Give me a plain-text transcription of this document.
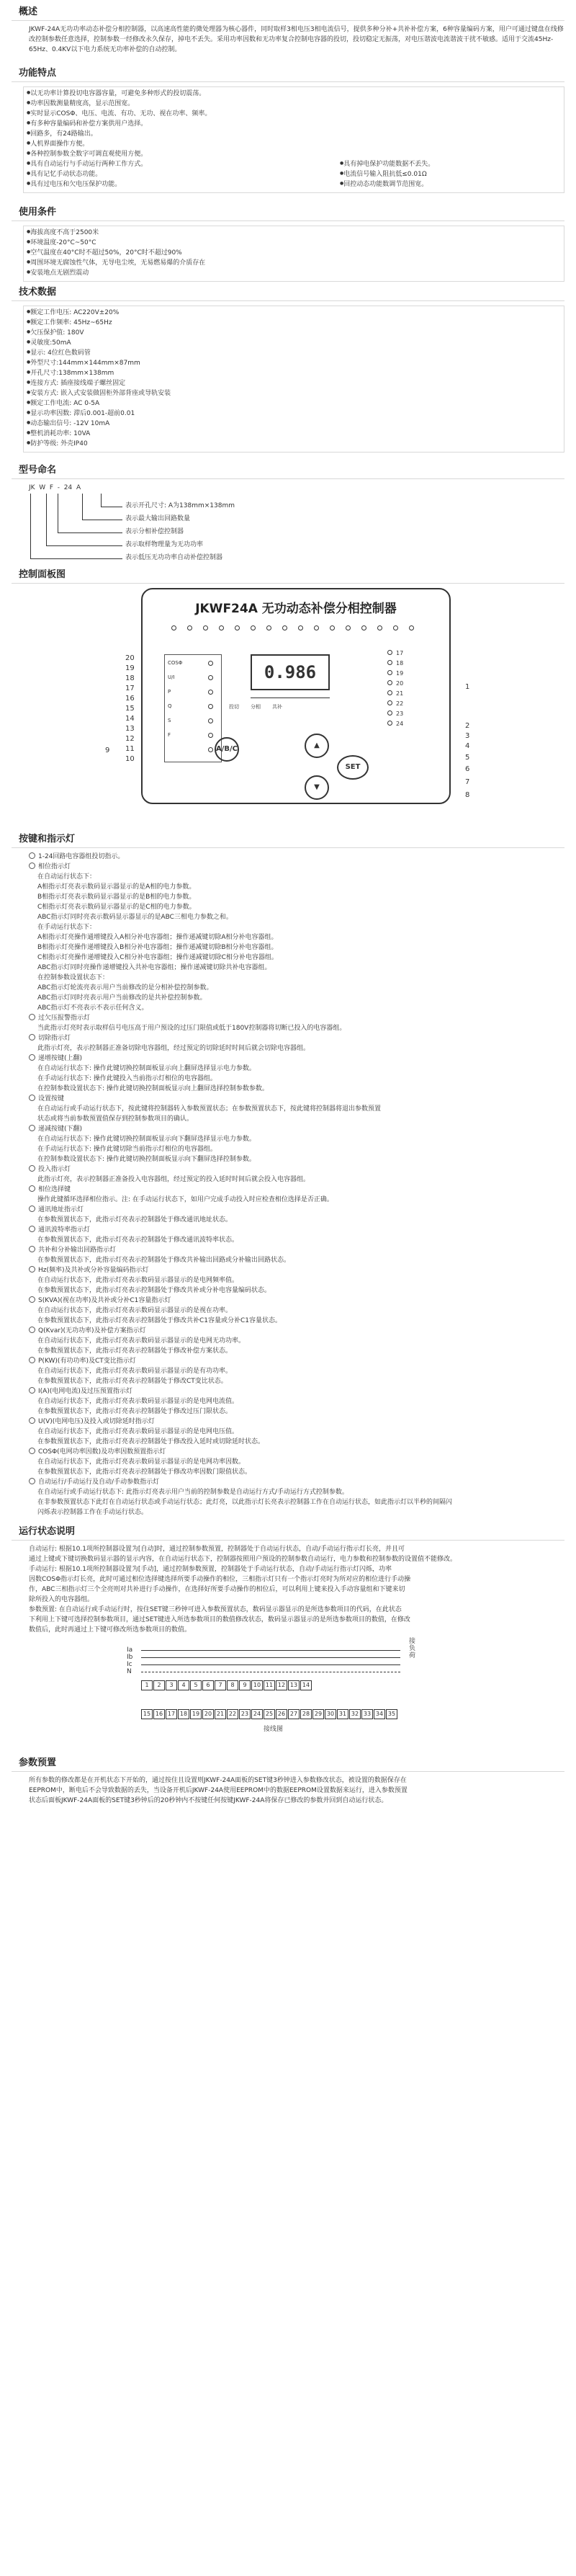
概述
JKWF-24A无功功率动态补偿分相控制器，以高速高性能的微处理器为核心器件，同时取样3相电压3相电流信号，提供多种分补+共补补偿方案，6种容量编码方案，用户可通过键盘在线修改控制参数任意选择，控制参数一经修改永久保存，掉电不丢失。采用功率因数和无功率复合控制电容器的投切，投切稳定无振荡，对电压谐波电流谐波干扰不敏感。适用于交流45Hz-65Hz、0.4KV以下电力系统无功率补偿的自动控制。
功能特点
● 以无功率计算投切电容器容量，可避免多种形式的投切震荡。
● 功率因数测量精度高，显示范围宽。
● 实时显示COSΦ、电压、电流、有功、无功、视在功率、频率。
● 有多种容量编码和补偿方案供用户选择。
● 回路多，有24路输出。
● 人机界面操作方便。
● 各种控制参数全数字可调直观使用方便。
● 具有自动运行与手动运行两种工作方式。	● 具有掉电保护功能数据不丢失。
● 具有记忆手动状态功能。	● 电流信号输入阻抗低≤0.01Ω
● 具有过电压和欠电压保护功能。	● 回控动态功能数调节范围宽。
使用条件
● 海拔高度不高于2500米
● 环境温度-20°C~50°C
● 空气温度在40°C时不超过50%，20°C时不超过90%
● 周围环境无腐蚀性气体，无导电尘埃，无易燃易爆的介质存在
● 安装地点无剧烈震动
技术数据
● 额定工作电压: AC220V±20%
● 额定工作频率: 45Hz~65Hz
● 欠压保护值: 180V
● 灵敏度:50mA
● 显示: 4位红色数码管
● 外型尺寸:144mm×144mm×87mm
● 开孔尺寸:138mm×138mm
● 连接方式: 插座接线端子螺丝固定
● 安装方式: 嵌入式安装做固柜外部背座或导轨安装
● 额定工作电流: AC 0-5A
● 显示功率因数: 滞后0.001-超前0.01
● 动态输出信号: -12V 10mA
● 整机消耗功率: 10VA
● 防护等级: 外壳IP40
型号命名
JK  W  F  -  24  A
表示开孔尺寸: A为138mm×138mm
表示最大输出回路数量
表示分相补偿控制器
表示取样物理量为无功功率
表示低压无功功率自动补偿控制器
控制面板图
JKWF24A 无功动态补偿分相控制器
COSΦ
U/I
P
Q
S
F
0.986
投切 分相 共补
17
18
19
20
21
22
23
24
A/B/C	▲
SET
▼
20
19
18
17
16
15
14
13
12
11
10
9
1
2
3
4
5
6
7
8
按键和指示灯
1-24回路电容器组投切指示。
相位指示灯
在自动运行状态下：
A相指示灯亮表示数码显示器显示的是A相的电力参数。
B相指示灯亮表示数码显示器显示的是B相的电力参数。
C相指示灯亮表示数码显示器显示的是C相的电力参数。
ABC指示灯同时亮表示数码显示器显示的是ABC三相电力参数之和。
在手动运行状态下：
A相指示灯亮操作通增键投入A相分补电容器组；操作递减键切除A相分补电容器组。
B相指示灯亮操作递增键投入B相分补电容器组；操作递减键切除B相分补电容器组。
C相指示灯亮操作递增键投入C相分补电容器组；操作递减键切除C相分补电容器组。
ABC指示灯同时亮操作递增键投入共补电容器组；操作递减键切除共补电容器组。
在控制参数设置状态下：
ABC指示灯轮流亮表示用户当前修改的是分相补偿控制参数。
ABC指示灯同时亮表示用户当前修改的是共补偿控制参数。
ABC指示灯不亮表示不表示任何含义。
过欠压报警指示灯
当此指示灯亮时表示取样信号电压高于用户预设的过压门限值或低于180V控制器将切断已投入的电容器组。
切除指示灯
此指示灯亮，表示控制器正准备切除电容器组，经过预定的切除延时时间后就会切除电容器组。
递增按键(上翻)
在自动运行状态下: 操作此键切换控制面板显示向上翻屏选择显示电力参数。
在手动运行状态下: 操作此键投入当前指示灯相位的电容器组。
在控制参数设置状态下: 操作此键切换控制面板显示向上翻屏选择控制参数参数。
设置按键
在自动运行或手动运行状态下，按此键将控制器转入参数预置状态；在参数预置状态下，按此键将控制器将退出参数预置
状态或将当前参数预置值保存到控制参数项目的确认。
递减按键(下翻)
在自动运行状态下: 操作此键切换控制面板显示向下翻屏选择显示电力参数。
在手动运行状态下: 操作此键切除当前指示灯相位的电容器组。
在控制参数设置状态下: 操作此键切换控制面板显示向下翻屏选择控制参数。
投入指示灯
此指示灯亮，表示控制器正准备投入电容器组，经过预定的投入延时时间后就会投入电容器组。
相位选择键
操作此键循环选择相位指示。注: 在手动运行状态下，如用户完成手动投入时应检查相位选择是否正确。
通讯地址指示灯
在参数预置状态下，此指示灯亮表示控制器处于修改通讯地址状态。
通讯波特率指示灯
在参数预置状态下，此指示灯亮表示控制器处于修改通讯波特率状态。
共补和分补输出回路指示灯
在参数预置状态下，此指示灯亮表示控制器处于修改共补输出回路或分补输出回路状态。
Hz(频率)及共补或分补容量编码指示灯
在自动运行状态下，此指示灯亮表示数码显示器显示的是电网频率值。
在参数预置状态下，此指示灯亮表示控制器处于修改共补或分补电容量编码状态。
S(KVA)(视在功率)及共补或分补C1容量指示灯
在自动运行状态下，此指示灯亮表示数码显示器显示的是视在功率。
在参数预置状态下，此指示灯亮表示控制器处于修改共补C1容量或分补C1容量状态。
Q(Kvar)(无功功率)及补偿方案指示灯
在自动运行状态下，此指示灯亮表示数码显示器显示的是电网无功功率。
在参数预置状态下，此指示灯亮表示控制器处于修改补偿方案状态。
P(KW)(有功功率)及CT变比指示灯
在自动运行状态下，此指示灯亮表示数码显示器显示的是有功功率。
在参数预置状态下，此指示灯亮表示控制器处于修改CT变比状态。
I(A)(电网电流)及过压预置指示灯
在自动运行状态下，此指示灯亮表示数码显示器显示的是电网电流值。
在参数预置状态下，此指示灯亮表示控制器处于修改过压门限状态。
U(V)(电网电压)及投入或切除延时指示灯
在自动运行状态下，此指示灯亮表示数码显示器显示的是电网电压值。
在参数预置状态下，此指示灯亮表示控制器处于修改投入延时或切除延时状态。
COSΦ(电网功率因数)及功率因数预置指示灯
在自动运行状态下，此指示灯亮表示数码显示器显示的是电网功率因数。
在参数预置状态下，此指示灯亮表示控制器处于修改功率因数门限值状态。
自动运行/手动运行及自动/手动参数指示灯
在自动运行或手动运行状态下: 此指示灯亮表示用户当前的控制参数是自动运行方式/手动运行方式控制参数。
在非参数预置状态下此灯在自动运行状态或手动运行状态；此灯亮，以此指示灯长亮表示控制器工作在自动运行状态，如此指示灯以半秒的间隔闪
闪烁表示控制器工作在手动运行状态。
运行状态说明
自动运行: 根据10.1项所控制器设置为[自动]时，通过控制参数预置，控制器处于自动运行状态，自动/手动运行指示灯长亮，并且可
通过上键或下键切换数码显示器的显示内容，在自动运行状态下，控制器按照用户预设的控制参数自动运行，电力参数和控制参数的设置值不能修改。
手动运行: 根据10.1项所控制器设置为[手动]，通过控制参数预置，控制器处于手动运行状态，自动/手动运行指示灯闪烁，功率
因数COSΦ指示灯长亮，此时可通过相位选择键选择所要手动操作的相位，三相指示灯只有一个指示灯亮时为所对应的相位进行手动操
作，ABC三相指示灯三个全亮则对共补进行手动操作，在选择好所要手动操作的相位后，可以利用上键来投入手动容量组和下键来切
除所投入的电容器组。
参数预置: 在自动运行或手动运行时，按住SET键三秒钟可进入参数预置状态，数码显示器显示的是所选参数项目的代码，在此状态
下利用上下键可选择控制参数项目，通过SET键进入所选参数项目的数值修改状态，数码显示器显示的是所选参数项目的数值，在修改
数值后，此时再通过上下键可修改所选参数项目的数值。
1	2	3	4	5	6	7	8	9	10 11 12 13 14
15 16 17 18 19 20 21 22 23 24 25 26 27 28 29 30 31 32 33 34 35
Ia
Ib
Ic
N
接负荷
接线图
参数预置
所有参数的修改都是在开机状态下开始的，通过按住且设置则JKWF-24A面板的SET键3秒钟进入参数修改状态，被设置的数据保存在
EEPROM中，断电后不会导致数据的丢失，当设备开机后JKWF-24A使用EEPROM中的数据EEPROM设置数据来运行，进入参数预置
状态后面板JKWF-24A面板的SET键3秒钟后的20秒钟内不按键任何按键JKWF-24A将保存已修改的参数并回到自动运行状态。
